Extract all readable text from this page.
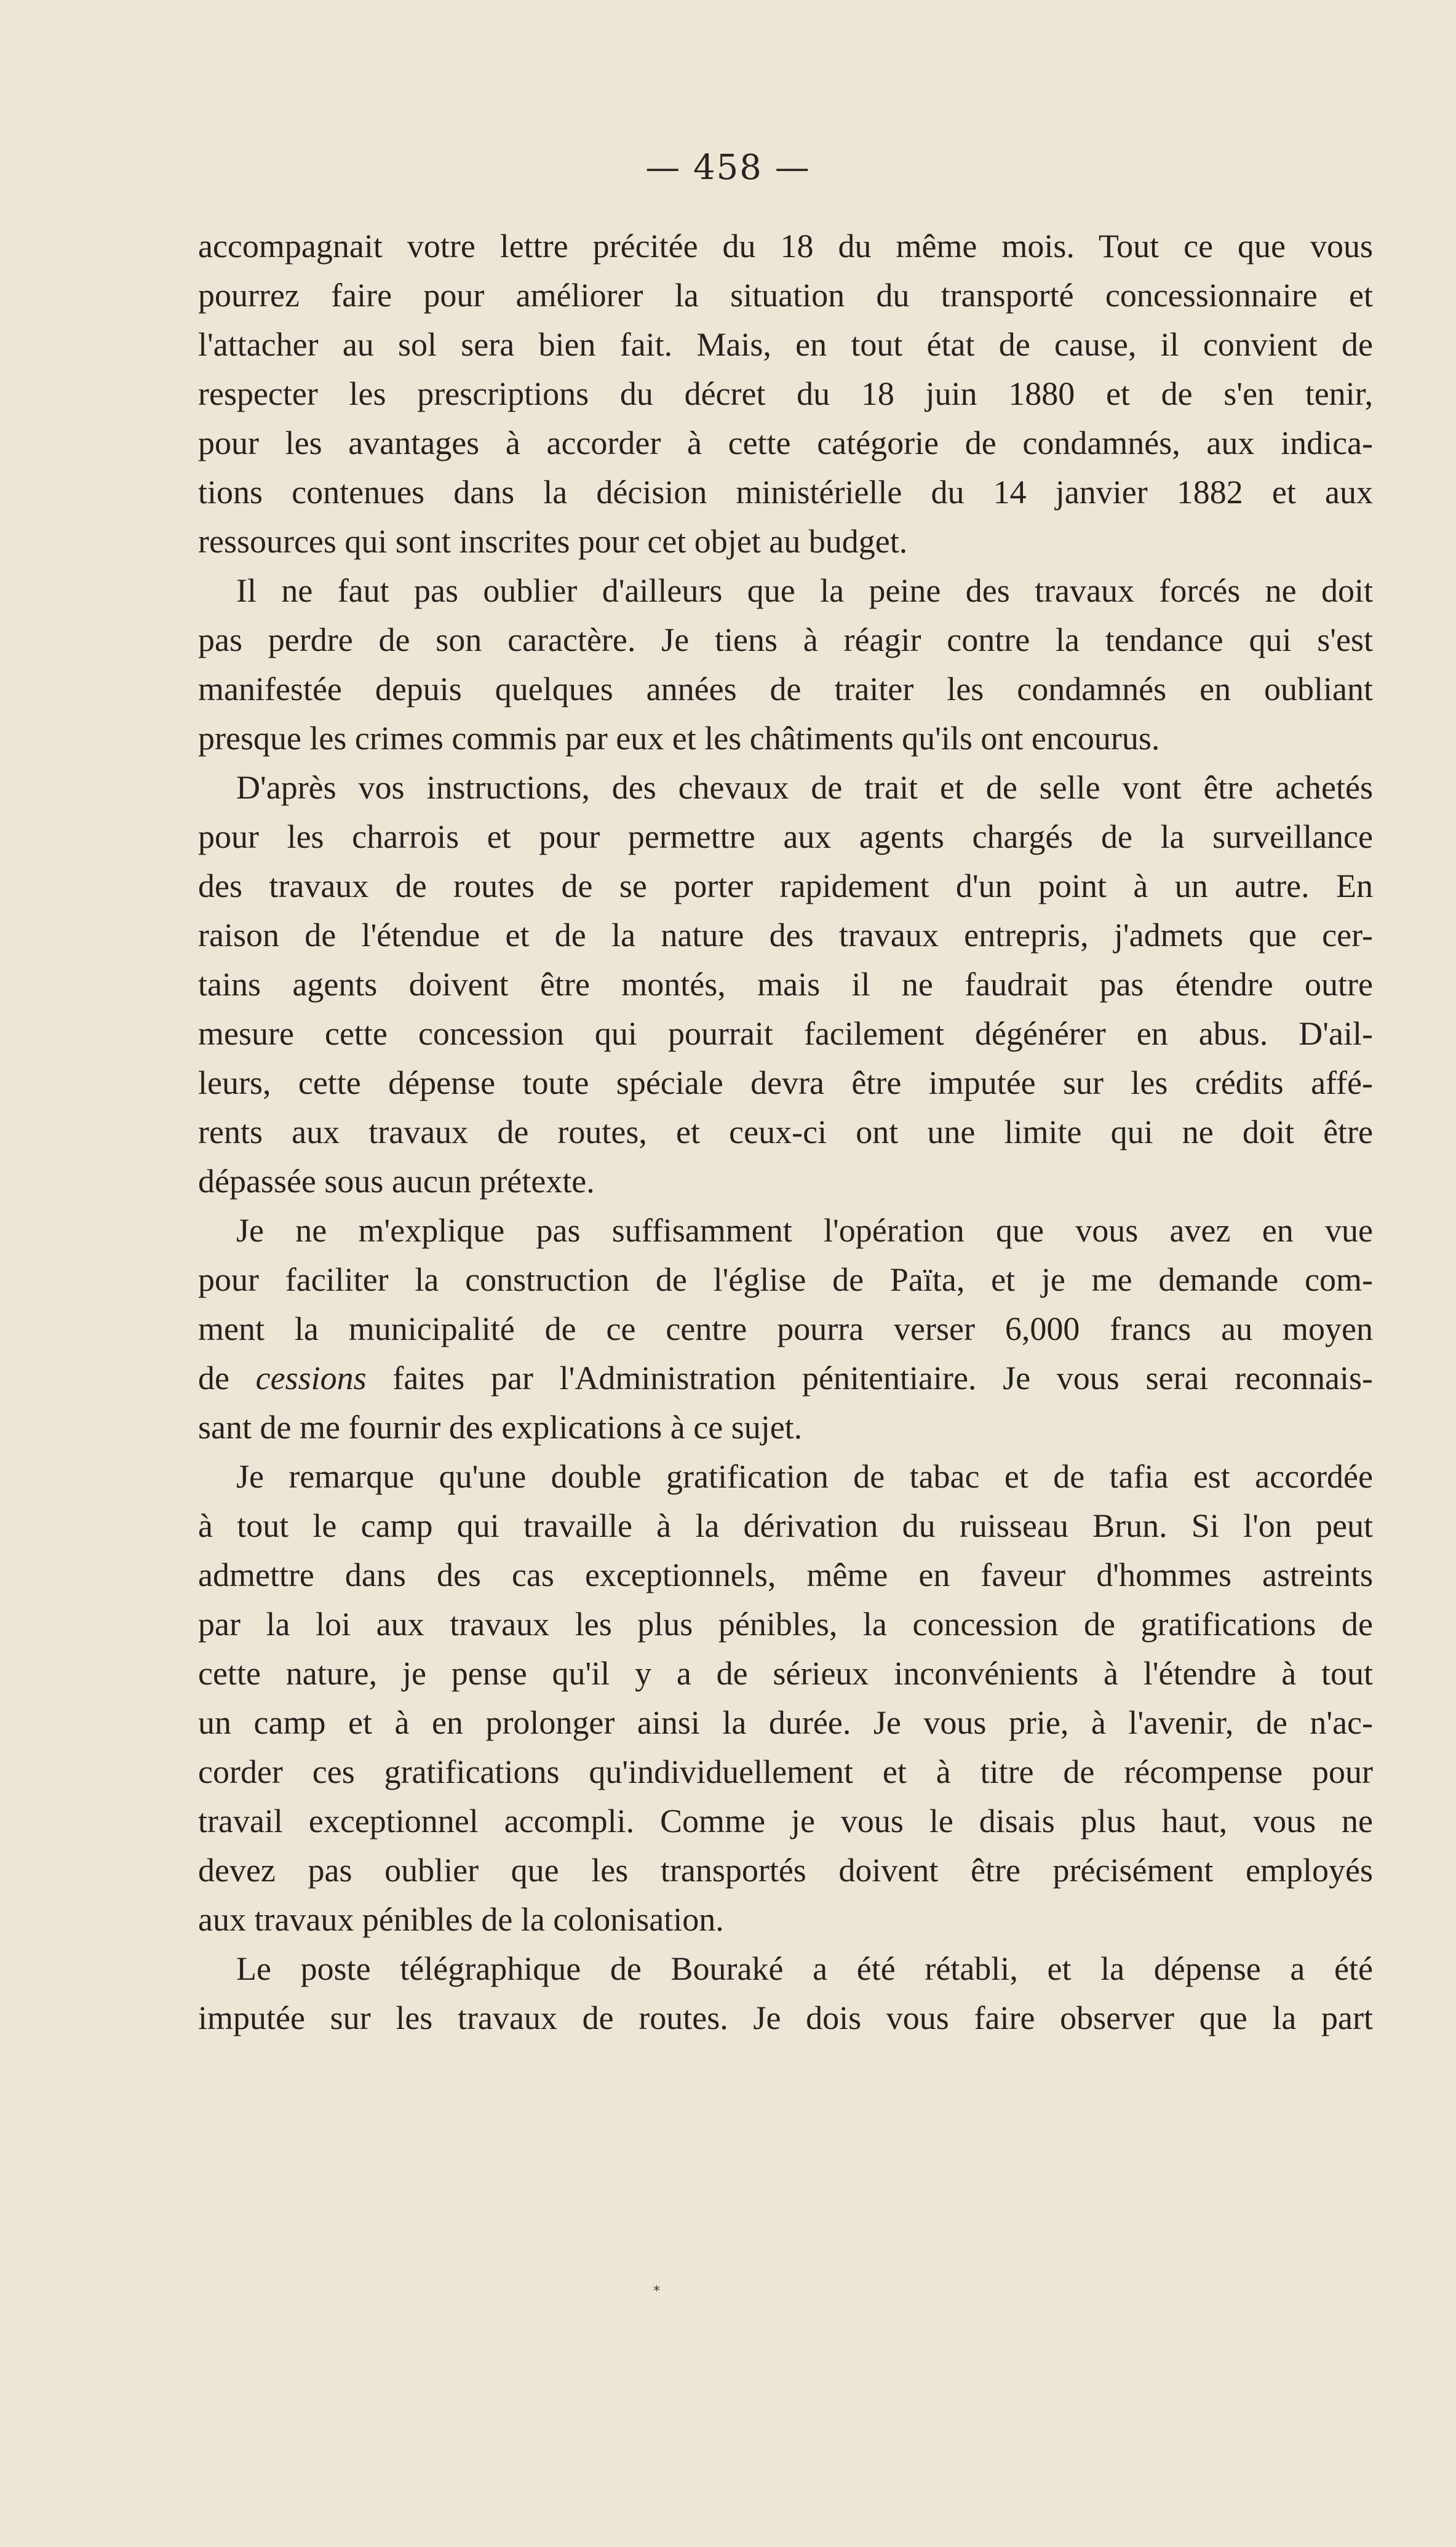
— 458 —

accompagnait votre lettre précitée du 18 du même mois. Tout ce que vous

pourrez faire pour améliorer la situation du transporté concessionnaire et

l'attacher au sol sera bien fait. Mais, en tout état de cause, il convient de

respecter les prescriptions du décret du 18 juin 1880 et de s'en tenir,

pour les avantages à accorder à cette catégorie de condamnés, aux indica-

tions contenues dans la décision ministérielle du 14 janvier 1882 et aux

ressources qui sont inscrites pour cet objet au budget.

Il ne faut pas oublier d'ailleurs que la peine des travaux forcés ne doit

pas perdre de son caractère. Je tiens à réagir contre la tendance qui s'est

manifestée depuis quelques années de traiter les condamnés en oubliant

presque les crimes commis par eux et les châtiments qu'ils ont encourus.

D'après vos instructions, des chevaux de trait et de selle vont être achetés

pour les charrois et pour permettre aux agents chargés de la surveillance

des travaux de routes de se porter rapidement d'un point à un autre. En

raison de l'étendue et de la nature des travaux entrepris, j'admets que cer-

tains agents doivent être montés, mais il ne faudrait pas étendre outre

mesure cette concession qui pourrait facilement dégénérer en abus. D'ail-

leurs, cette dépense toute spéciale devra être imputée sur les crédits affé-

rents aux travaux de routes, et ceux-ci ont une limite qui ne doit être

dépassée sous aucun prétexte.

Je ne m'explique pas suffisamment l'opération que vous avez en vue

pour faciliter la construction de l'église de Païta, et je me demande com-

ment la municipalité de ce centre pourra verser 6,000 francs au moyen

de cessions faites par l'Administration pénitentiaire. Je vous serai reconnais-

sant de me fournir des explications à ce sujet.

Je remarque qu'une double gratification de tabac et de tafia est accordée

à tout le camp qui travaille à la dérivation du ruisseau Brun. Si l'on peut

admettre dans des cas exceptionnels, même en faveur d'hommes astreints

par la loi aux travaux les plus pénibles, la concession de gratifications de

cette nature, je pense qu'il y a de sérieux inconvénients à l'étendre à tout

un camp et à en prolonger ainsi la durée. Je vous prie, à l'avenir, de n'ac-

corder ces gratifications qu'individuellement et à titre de récompense pour

travail exceptionnel accompli. Comme je vous le disais plus haut, vous ne

devez pas oublier que les transportés doivent être précisément employés

aux travaux pénibles de la colonisation.

Le poste télégraphique de Bouraké a été rétabli, et la dépense a été

imputée sur les travaux de routes. Je dois vous faire observer que la part

*
